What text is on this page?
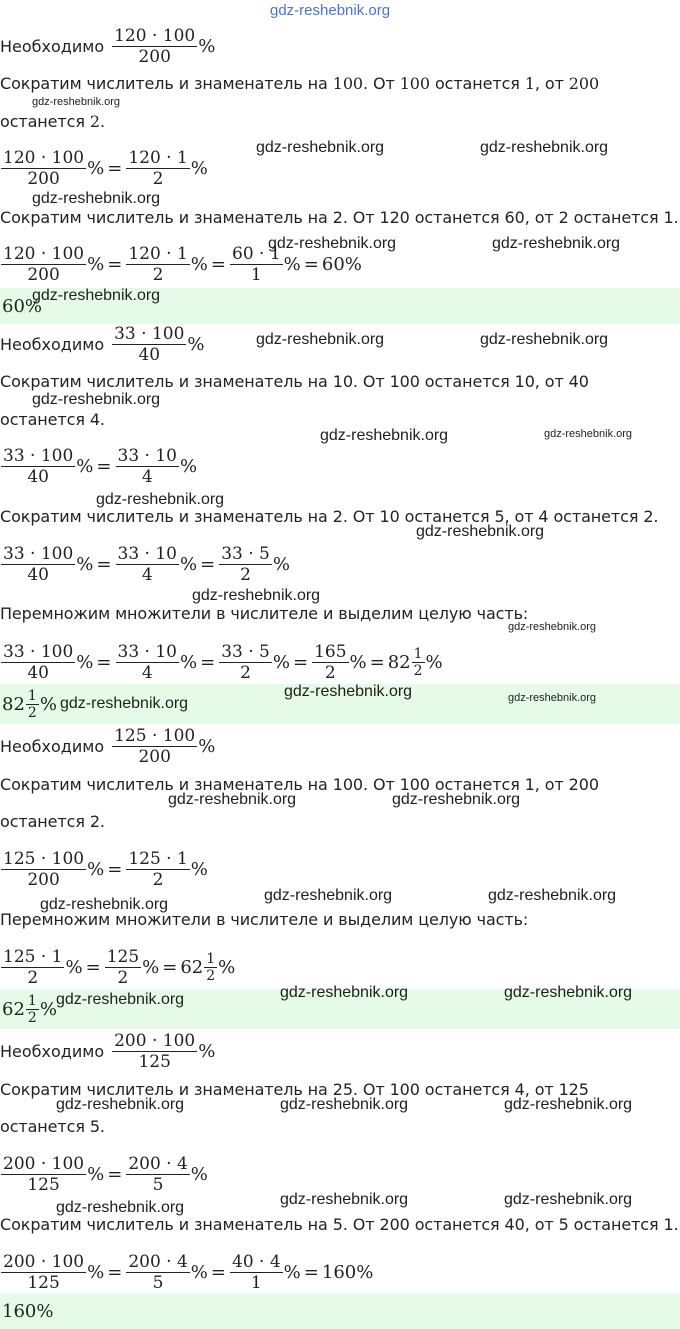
gdz-reshebnik.org
Необходимо $\frac{120 \cdot 100}{200}$ %
Сократим числитель и знаменатель на 100. От 100 останется 1, от 200
останется 2.
$\frac{120 \cdot 100}{200}$ % = $\frac{120 \cdot 1}{2}$ %
Сократим числитель и знаменатель на 2. От 120 останется 60, от 2 останется 1.
$\frac{120 \cdot 100}{200}$ % = $\frac{120 \cdot 1}{2}$ % = $\frac{60 \cdot 1}{1}$ % = 60%
60%
Необходимо $\frac{33 \cdot 100}{40}$ %
Сократим числитель и знаменатель на 10. От 100 останется 10, от 40
останется 4.
$\frac{33 \cdot 100}{40}$ % = $\frac{33 \cdot 10}{4}$ %
Сократим числитель и знаменатель на 2. От 10 останется 5, от 4 останется 2.
$\frac{33 \cdot 100}{40}$ % = $\frac{33 \cdot 10}{4}$ % = $\frac{33 \cdot 5}{2}$ %
Перемножим множители в числителе и выделим целую часть:
$\frac{33 \cdot 100}{40}$ % = $\frac{33 \cdot 10}{4}$ % = $\frac{33 \cdot 5}{2}$ % = $\frac{165}{2}$ % = $82 \frac{1}{2}$ %
$82 \frac{1}{2}$ %
Необходимо $\frac{125 \cdot 100}{200}$ %
Сократим числитель и знаменатель на 100. От 100 останется 1, от 200
останется 2.
$\frac{125 \cdot 100}{200}$ % = $\frac{125 \cdot 1}{2}$ %
Перемножим множители в числителе и выделим целую часть:
$\frac{125 \cdot 1}{2}$ % = $\frac{125}{2}$ % = $62 \frac{1}{2}$ %
$62 \frac{1}{2}$ %
Необходимо $\frac{200 \cdot 100}{125}$ %
Сократим числитель и знаменатель на 25. От 100 останется 4, от 125
останется 5.
$\frac{200 \cdot 100}{125}$ % = $\frac{200 \cdot 4}{5}$ %
Сократим числитель и знаменатель на 5. От 200 останется 40, от 5 останется 1.
$\frac{200 \cdot 100}{125}$ % = $\frac{200 \cdot 4}{5}$ % = $\frac{40 \cdot 4}{1}$ % = 160%
160%
gdz-reshebnik.org
gdz-reshebnik.org	gdz-reshebnik.org
gdz-reshebnik.org
gdz-reshebnik.org	gdz-reshebnik.org
gdz-reshebnik.org
gdz-reshebnik.org	gdz-reshebnik.org
gdz-reshebnik.org
gdz-reshebnik.org	gdz-reshebnik.org
gdz-reshebnik.org
gdz-reshebnik.org
gdz-reshebnik.org
gdz-reshebnik.org
gdz-reshebnik.org
gdz-reshebnik.org	gdz-reshebnik.org
gdz-reshebnik.org	gdz-reshebnik.org
gdz-reshebnik.org	gdz-reshebnik.org
gdz-reshebnik.org
gdz-reshebnik.org	gdz-reshebnik.org
gdz-reshebnik.org
gdz-reshebnik.org	gdz-reshebnik.org	gdz-reshebnik.org
gdz-reshebnik.org	gdz-reshebnik.org
gdz-reshebnik.org
